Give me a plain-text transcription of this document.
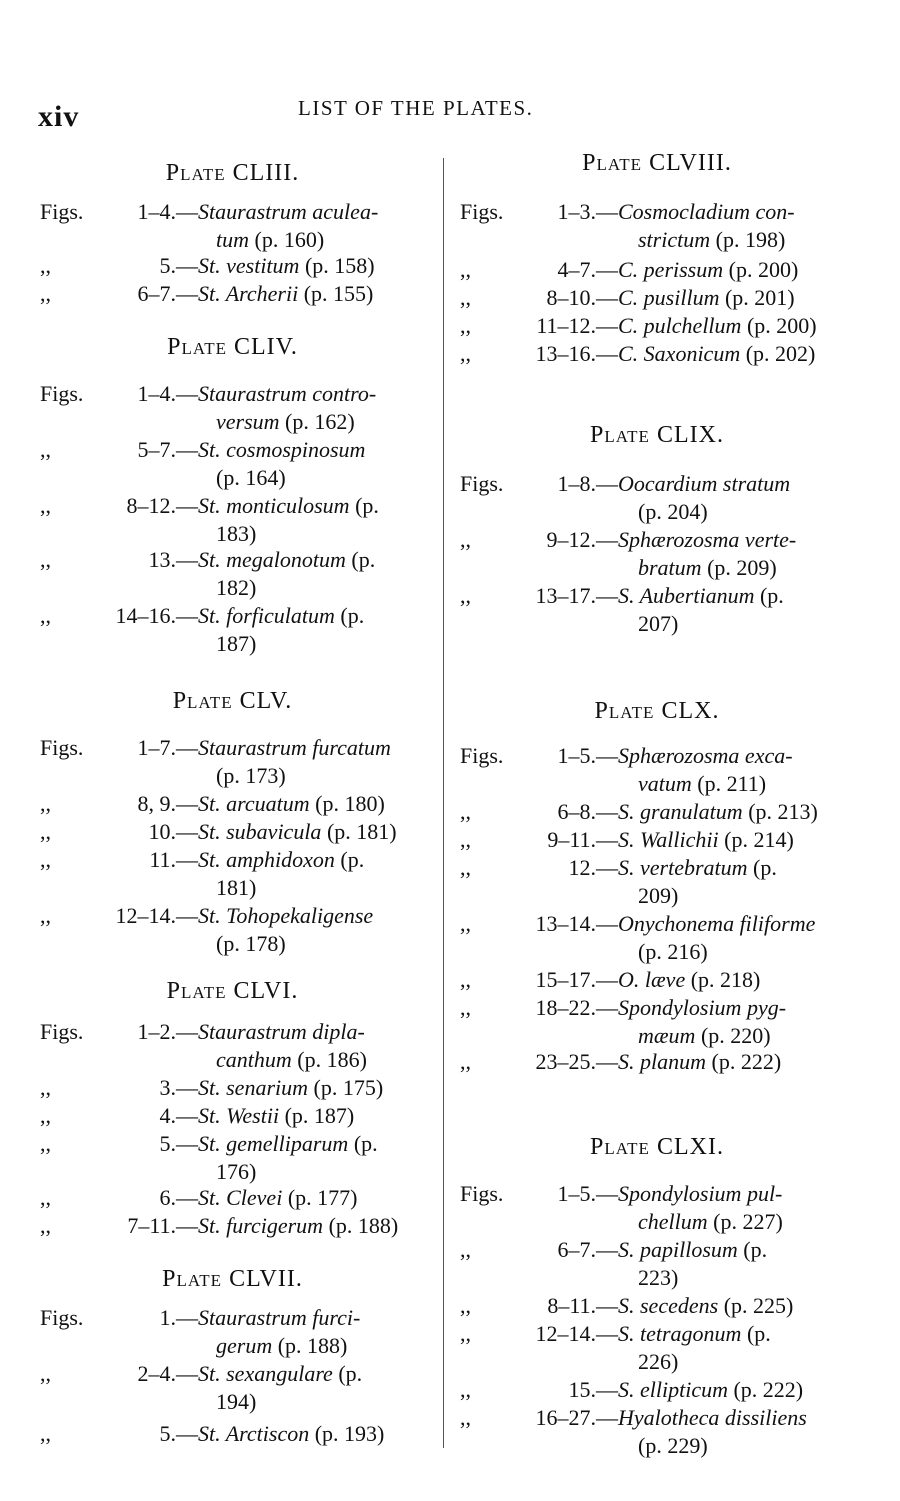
xiv	LIST OF THE PLATES.
Plate CLIII.
Figs. 1–4.— Staurastrum aculea-
tum (p. 160)
,,	5.— St. vestitum (p. 158)
,,	6–7.— St. Archerii (p. 155)
Plate CLIV.
Figs. 1–4.— Staurastrum contro-
versum (p. 162)
,,	5–7.— St. cosmospinosum
(p. 164)
,,	8–12.— St. monticulosum (p.
183)
,,	13.— St. megalonotum (p.
182)
,,	14–16.— St. forficulatum (p.
187)
Plate CLV.
Figs. 1–7.— Staurastrum furcatum
(p. 173)
,,	8, 9.— St. arcuatum (p. 180)
,,	10.— St. subavicula (p. 181)
,,	11.— St. amphidoxon (p.
181)
,,	12–14.— St. Tohopekaligense
(p. 178)
Plate CLVI.
Figs. 1–2.— Staurastrum dipla-
canthum (p. 186)
,,	3.— St. senarium (p. 175)
,,	4.— St. Westii (p. 187)
,,	5.— St. gemelliparum (p.
176)
,,	6.— St. Clevei (p. 177)
,,	7–11.— St. furcigerum (p. 188)
Plate CLVII.
Figs.	1.— Staurastrum furci-
gerum (p. 188)
,,	2–4.— St. sexangulare (p.
194)
,,	5.— St. Arctiscon (p. 193)
Plate CLVIII.
Figs. 1–3.— Cosmocladium con-
strictum (p. 198)
,,	4–7.— C. perissum (p. 200)
,,	8–10.— C. pusillum (p. 201)
,,	11–12.— C. pulchellum (p. 200)
,,	13–16.— C. Saxonicum (p. 202)
Plate CLIX.
Figs. 1–8.— Oocardium stratum
(p. 204)
,,	9–12.— Sphærozosma verte-
bratum (p. 209)
,,	13–17.— S. Aubertianum (p.
207)
Plate CLX.
Figs. 1–5.— Sphærozosma exca-
vatum (p. 211)
,,	6–8.— S. granulatum (p. 213)
,,	9–11.— S. Wallichii (p. 214)
,,	12.— S. vertebratum (p.
209)
,,	13–14.— Onychonema filiforme
(p. 216)
,,	15–17.— O. læve (p. 218)
,,	18–22.— Spondylosium pyg-
mæum (p. 220)
,,	23–25.— S. planum (p. 222)
Plate CLXI.
Figs. 1–5.— Spondylosium pul-
chellum (p. 227)
,,	6–7.— S. papillosum (p.
223)
,,	8–11.— S. secedens (p. 225)
,,	12–14.— S. tetragonum (p.
226)
,,	15.— S. ellipticum (p. 222)
,,	16–27.— Hyalotheca dissiliens
(p. 229)
